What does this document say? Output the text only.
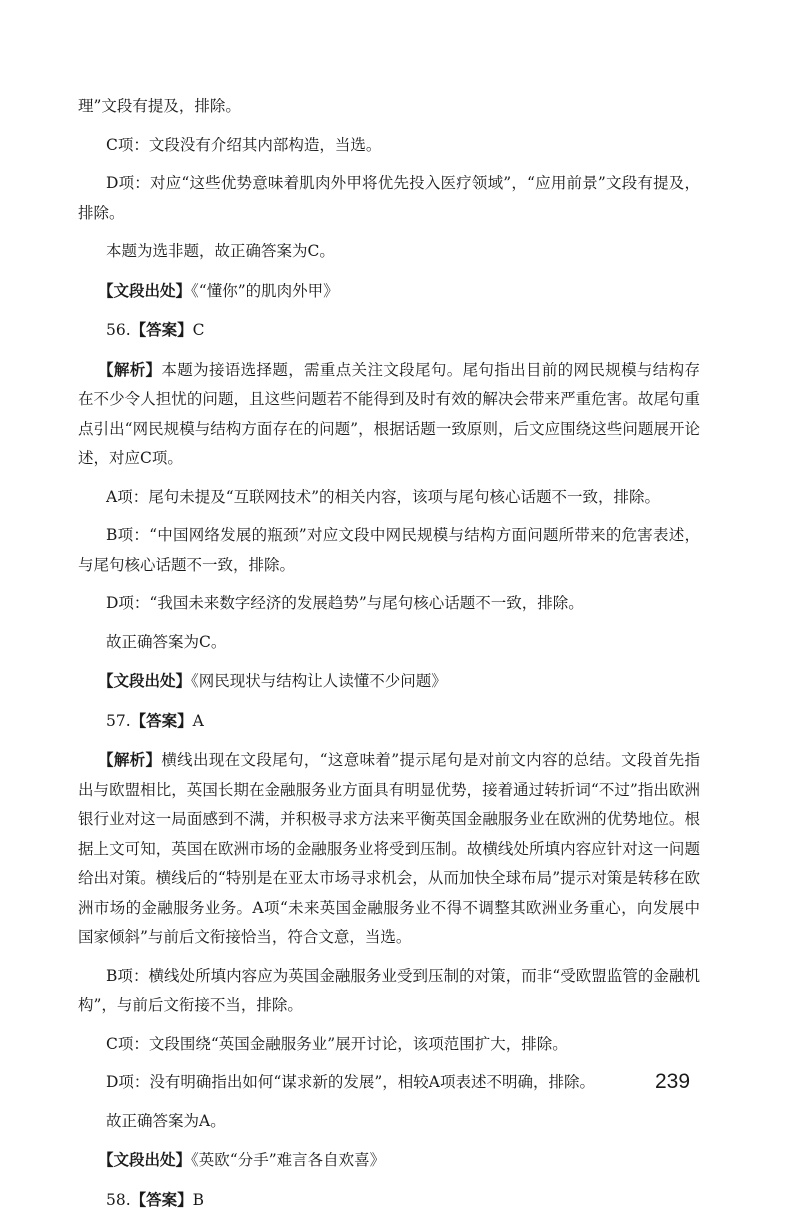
理”文段有提及，排除。

C项：文段没有介绍其内部构造，当选。

D项：对应“这些优势意味着肌肉外甲将优先投入医疗领域”，“应用前景”文段有提及，排除。

本题为选非题，故正确答案为C。

【文段出处】《“懂你”的肌肉外甲》

56.【答案】C

【解析】本题为接语选择题，需重点关注文段尾句。尾句指出目前的网民规模与结构存在不少令人担忧的问题，且这些问题若不能得到及时有效的解决会带来严重危害。故尾句重点引出“网民规模与结构方面存在的问题”，根据话题一致原则，后文应围绕这些问题展开论述，对应C项。

A项：尾句未提及“互联网技术”的相关内容，该项与尾句核心话题不一致，排除。

B项：“中国网络发展的瓶颈”对应文段中网民规模与结构方面问题所带来的危害表述，与尾句核心话题不一致，排除。

D项：“我国未来数字经济的发展趋势”与尾句核心话题不一致，排除。

故正确答案为C。

【文段出处】《网民现状与结构让人读懂不少问题》

57.【答案】A

【解析】横线出现在文段尾句，“这意味着”提示尾句是对前文内容的总结。文段首先指出与欧盟相比，英国长期在金融服务业方面具有明显优势，接着通过转折词“不过”指出欧洲银行业对这一局面感到不满，并积极寻求方法来平衡英国金融服务业在欧洲的优势地位。根据上文可知，英国在欧洲市场的金融服务业将受到压制。故横线处所填内容应针对这一问题给出对策。横线后的“特别是在亚太市场寻求机会，从而加快全球布局”提示对策是转移在欧洲市场的金融服务业务。A项“未来英国金融服务业不得不调整其欧洲业务重心，向发展中国家倾斜”与前后文衔接恰当，符合文意，当选。

B项：横线处所填内容应为英国金融服务业受到压制的对策，而非“受欧盟监管的金融机构”，与前后文衔接不当，排除。

C项：文段围绕“英国金融服务业”展开讨论，该项范围扩大，排除。

D项：没有明确指出如何“谋求新的发展”，相较A项表述不明确，排除。

故正确答案为A。

【文段出处】《英欧“分手”难言各自欢喜》

58.【答案】B

239
